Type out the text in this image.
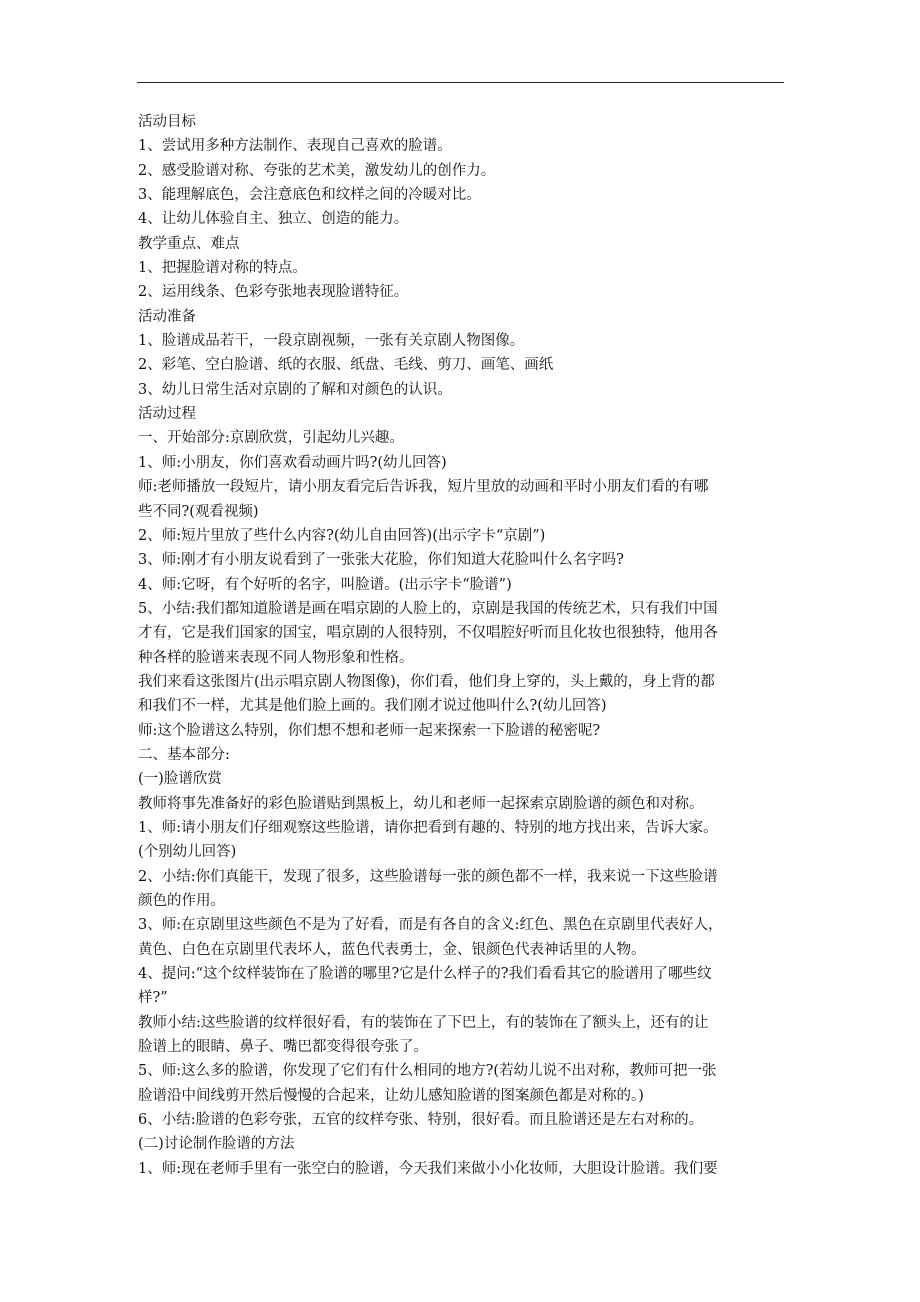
活动目标

1、尝试用多种方法制作、表现自己喜欢的脸谱。

2、感受脸谱对称、夸张的艺术美，激发幼儿的创作力。

3、能理解底色，会注意底色和纹样之间的冷暖对比。

4、让幼儿体验自主、独立、创造的能力。

教学重点、难点

1、把握脸谱对称的特点。

2、运用线条、色彩夸张地表现脸谱特征。

活动准备

1、脸谱成品若干，一段京剧视频，一张有关京剧人物图像。

2、彩笔、空白脸谱、纸的衣服、纸盘、毛线、剪刀、画笔、画纸

3、幼儿日常生活对京剧的了解和对颜色的认识。

活动过程

一、开始部分:京剧欣赏，引起幼儿兴趣。

1、师:小朋友，你们喜欢看动画片吗?(幼儿回答)

师:老师播放一段短片，请小朋友看完后告诉我，短片里放的动画和平时小朋友们看的有哪

些不同?(观看视频)

2、师:短片里放了些什么内容?(幼儿自由回答)(出示字卡“京剧”)

3、师:刚才有小朋友说看到了一张张大花脸，你们知道大花脸叫什么名字吗?

4、师:它呀，有个好听的名字，叫脸谱。(出示字卡“脸谱”)

5、小结:我们都知道脸谱是画在唱京剧的人脸上的，京剧是我国的传统艺术，只有我们中国

才有，它是我们国家的国宝，唱京剧的人很特别，不仅唱腔好听而且化妆也很独特，他用各

种各样的脸谱来表现不同人物形象和性格。

我们来看这张图片(出示唱京剧人物图像)，你们看，他们身上穿的，头上戴的，身上背的都

和我们不一样，尤其是他们脸上画的。我们刚才说过他叫什么?(幼儿回答)

师:这个脸谱这么特别，你们想不想和老师一起来探索一下脸谱的秘密呢?

二、基本部分:

(一)脸谱欣赏

教师将事先准备好的彩色脸谱贴到黑板上，幼儿和老师一起探索京剧脸谱的颜色和对称。

1、师:请小朋友们仔细观察这些脸谱，请你把看到有趣的、特别的地方找出来，告诉大家。

(个别幼儿回答)

2、小结:你们真能干，发现了很多，这些脸谱每一张的颜色都不一样，我来说一下这些脸谱

颜色的作用。

3、师:在京剧里这些颜色不是为了好看，而是有各自的含义:红色、黑色在京剧里代表好人，

黄色、白色在京剧里代表坏人，蓝色代表勇士，金、银颜色代表神话里的人物。

4、提问:“这个纹样装饰在了脸谱的哪里?它是什么样子的?我们看看其它的脸谱用了哪些纹

样?”

教师小结:这些脸谱的纹样很好看，有的装饰在了下巴上，有的装饰在了额头上，还有的让

脸谱上的眼睛、鼻子、嘴巴都变得很夸张了。

5、师:这么多的脸谱，你发现了它们有什么相同的地方?(若幼儿说不出对称，教师可把一张

脸谱沿中间线剪开然后慢慢的合起来，让幼儿感知脸谱的图案颜色都是对称的。)

6、小结:脸谱的色彩夸张，五官的纹样夸张、特别，很好看。而且脸谱还是左右对称的。

(二)讨论制作脸谱的方法

1、师:现在老师手里有一张空白的脸谱，今天我们来做小小化妆师，大胆设计脸谱。我们要
